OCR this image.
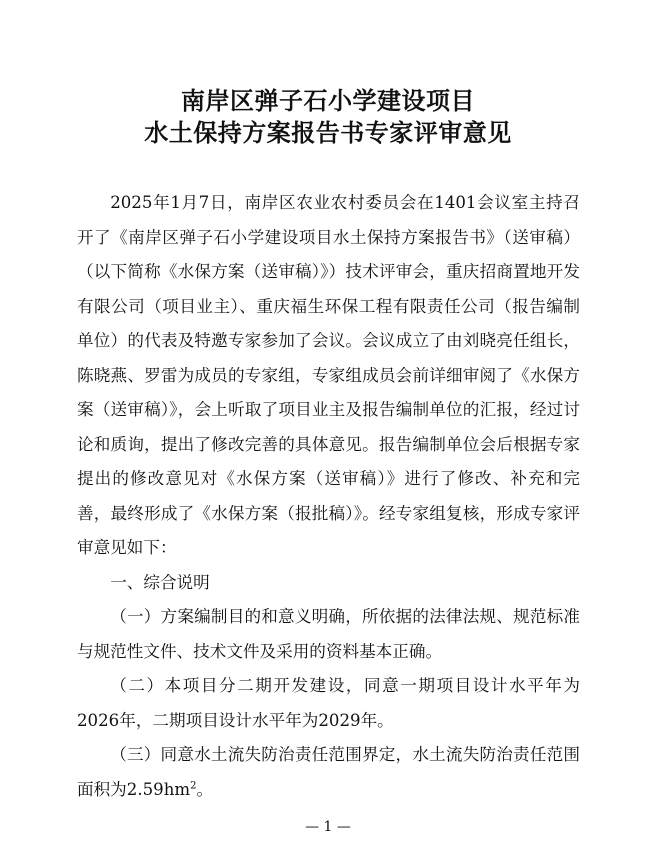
南岸区弹子石小学建设项目
水土保持方案报告书专家评审意见

2025年1月7日，南岸区农业农村委员会在1401会议室主持召开了《南岸区弹子石小学建设项目水土保持方案报告书》（送审稿）（以下简称《水保方案（送审稿）》）技术评审会，重庆招商置地开发有限公司（项目业主）、重庆福生环保工程有限责任公司（报告编制单位）的代表及特邀专家参加了会议。会议成立了由刘晓亮任组长，陈晓燕、罗雷为成员的专家组，专家组成员会前详细审阅了《水保方案（送审稿）》，会上听取了项目业主及报告编制单位的汇报，经过讨论和质询，提出了修改完善的具体意见。报告编制单位会后根据专家提出的修改意见对《水保方案（送审稿）》进行了修改、补充和完善，最终形成了《水保方案（报批稿）》。经专家组复核，形成专家评审意见如下：

一、综合说明

（一）方案编制目的和意义明确，所依据的法律法规、规范标准与规范性文件、技术文件及采用的资料基本正确。

（二）本项目分二期开发建设，同意一期项目设计水平年为2026年，二期项目设计水平年为2029年。

（三）同意水土流失防治责任范围界定，水土流失防治责任范围面积为$2.59hm^2$。

— 1 —
